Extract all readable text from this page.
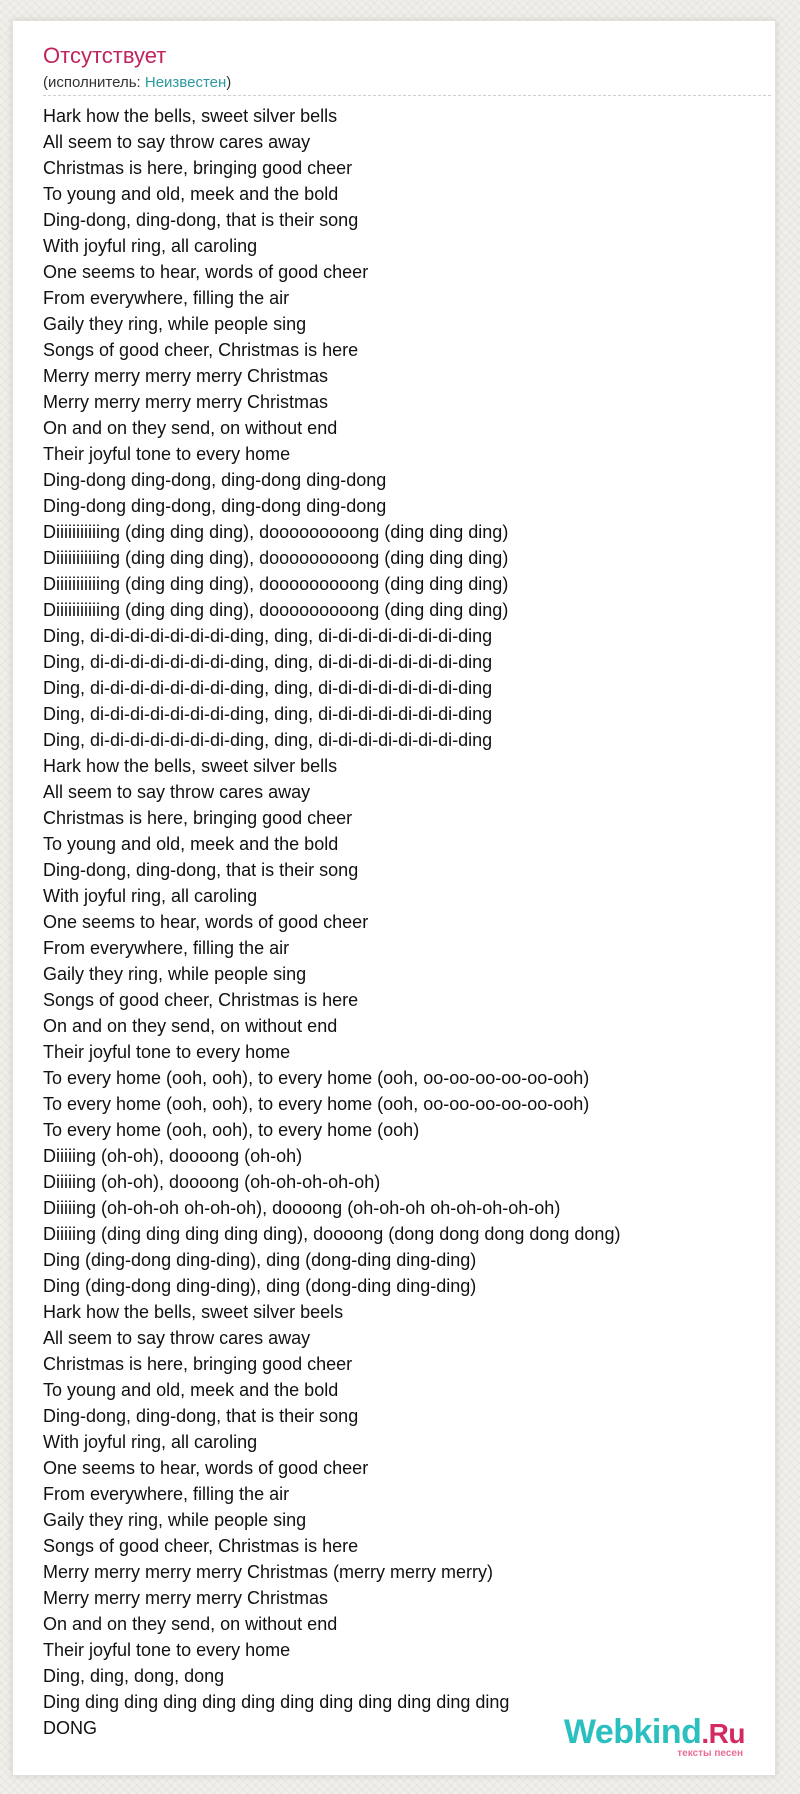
Отсутствует
(исполнитель: Неизвестен)
Hark how the bells, sweet silver bells
All seem to say throw cares away
Christmas is here, bringing good cheer
To young and old, meek and the bold
Ding-dong, ding-dong, that is their song
With joyful ring, all caroling
One seems to hear, words of good cheer
From everywhere, filling the air
Gaily they ring, while people sing
Songs of good cheer, Christmas is here
Merry merry merry merry Christmas
Merry merry merry merry Christmas
On and on they send, on without end
Their joyful tone to every home
Ding-dong ding-dong, ding-dong ding-dong
Ding-dong ding-dong, ding-dong ding-dong
Diiiiiiiiiiing (ding ding ding), dooooooooong (ding ding ding)
Diiiiiiiiiiing (ding ding ding), dooooooooong (ding ding ding)
Diiiiiiiiiiing (ding ding ding), dooooooooong (ding ding ding)
Diiiiiiiiiiing (ding ding ding), dooooooooong (ding ding ding)
Ding, di-di-di-di-di-di-di-ding, ding, di-di-di-di-di-di-di-ding
Ding, di-di-di-di-di-di-di-ding, ding, di-di-di-di-di-di-di-ding
Ding, di-di-di-di-di-di-di-ding, ding, di-di-di-di-di-di-di-ding
Ding, di-di-di-di-di-di-di-ding, ding, di-di-di-di-di-di-di-ding
Ding, di-di-di-di-di-di-di-ding, ding, di-di-di-di-di-di-di-ding
Hark how the bells, sweet silver bells
All seem to say throw cares away
Christmas is here, bringing good cheer
To young and old, meek and the bold
Ding-dong, ding-dong, that is their song
With joyful ring, all caroling
One seems to hear, words of good cheer
From everywhere, filling the air
Gaily they ring, while people sing
Songs of good cheer, Christmas is here
On and on they send, on without end
Their joyful tone to every home
To every home (ooh, ooh), to every home (ooh, oo-oo-oo-oo-oo-ooh)
To every home (ooh, ooh), to every home (ooh, oo-oo-oo-oo-oo-ooh)
To every home (ooh, ooh), to every home (ooh)
Diiiiing (oh-oh), doooong (oh-oh)
Diiiiing (oh-oh), doooong (oh-oh-oh-oh-oh)
Diiiiing (oh-oh-oh oh-oh-oh), doooong (oh-oh-oh oh-oh-oh-oh-oh)
Diiiiing (ding ding ding ding ding), doooong (dong dong dong dong dong)
Ding (ding-dong ding-ding), ding (dong-ding ding-ding)
Ding (ding-dong ding-ding), ding (dong-ding ding-ding)
Hark how the bells, sweet silver beels
All seem to say throw cares away
Christmas is here, bringing good cheer
To young and old, meek and the bold
Ding-dong, ding-dong, that is their song
With joyful ring, all caroling
One seems to hear, words of good cheer
From everywhere, filling the air
Gaily they ring, while people sing
Songs of good cheer, Christmas is here
Merry merry merry merry Christmas (merry merry merry)
Merry merry merry merry Christmas
On and on they send, on without end
Their joyful tone to every home
Ding, ding, dong, dong
Ding ding ding ding ding ding ding ding ding ding ding ding
DONG	Webkind.Ru
тексты песен
